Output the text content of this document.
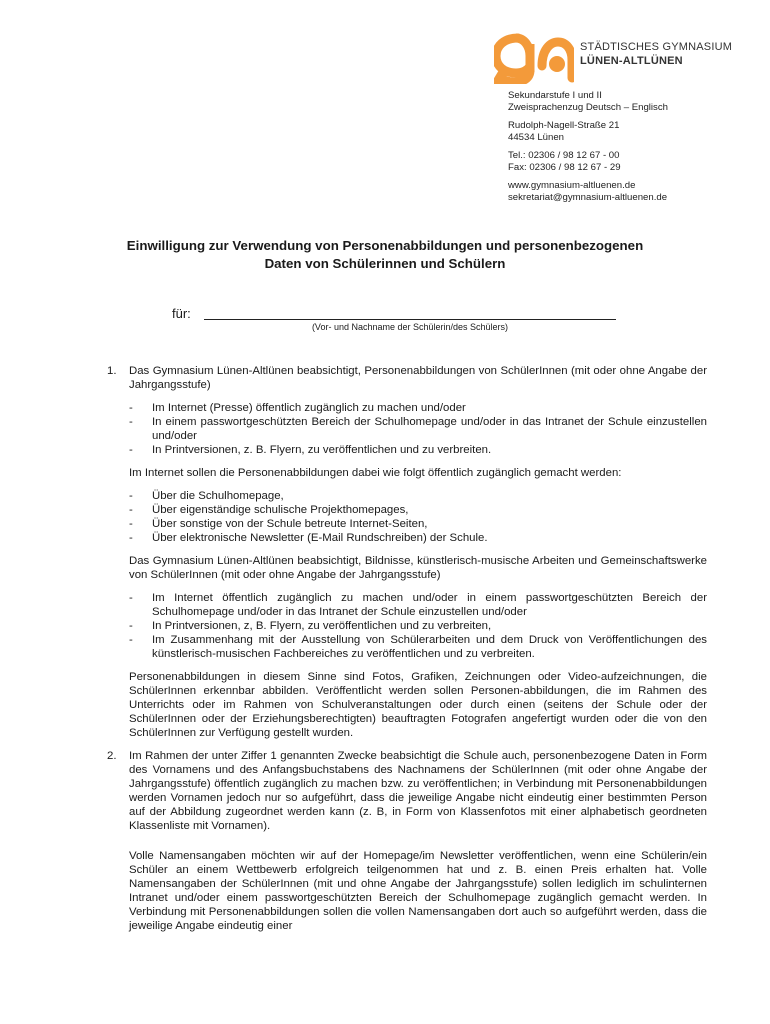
STÄDTISCHES GYMNASIUM
LÜNEN-ALTLÜNEN

Sekundarstufe I und II
Zweisprachenzug Deutsch – Englisch

Rudolph-Nagell-Straße 21
44534 Lünen

Tel.: 02306 / 98 12 67 - 00
Fax: 02306 / 98 12 67 - 29

www.gymnasium-altluenen.de
sekretariat@gymnasium-altluenen.de

Einwilligung zur Verwendung von Personenabbildungen und personenbezogenen
Daten von Schülerinnen und Schülern
für:
(Vor- und Nachname der Schülerin/des Schülers)
1.	Das Gymnasium Lünen-Altlünen beabsichtigt, Personenabbildungen von SchülerInnen (mit oder ohne Angabe der Jahrgangsstufe)

-	Im Internet (Presse) öffentlich zugänglich zu machen und/oder
-	In einem passwortgeschützten Bereich der Schulhomepage und/oder in das Intranet der Schule einzustellen und/oder
-	In Printversionen, z. B. Flyern, zu veröffentlichen und zu verbreiten.

Im Internet sollen die Personenabbildungen dabei wie folgt öffentlich zugänglich gemacht werden:

-	Über die Schulhomepage,
-	Über eigenständige schulische Projekthomepages,
-	Über sonstige von der Schule betreute Internet-Seiten,
-	Über elektronische Newsletter (E-Mail Rundschreiben) der Schule.

Das Gymnasium Lünen-Altlünen beabsichtigt, Bildnisse, künstlerisch-musische Arbeiten und Gemeinschaftswerke von SchülerInnen (mit oder ohne Angabe der Jahrgangsstufe)

-	Im Internet öffentlich zugänglich zu machen und/oder in einem passwortgeschützten Bereich der Schulhomepage und/oder in das Intranet der Schule einzustellen und/oder
-	In Printversionen, z, B. Flyern, zu veröffentlichen und zu verbreiten,
-	Im Zusammenhang mit der Ausstellung von Schülerarbeiten und dem Druck von Veröffentlichungen des künstlerisch-musischen Fachbereiches zu veröffentlichen und zu verbreiten.

Personenabbildungen in diesem Sinne sind Fotos, Grafiken, Zeichnungen oder Video-aufzeichnungen, die SchülerInnen erkennbar abbilden. Veröffentlicht werden sollen Personen-abbildungen, die im Rahmen des Unterrichts oder im Rahmen von Schulveranstaltungen oder durch einen (seitens der Schule oder der SchülerInnen oder der Erziehungsberechtigten) beauftragten Fotografen angefertigt wurden oder die von den SchülerInnen zur Verfügung gestellt wurden.

2.	Im Rahmen der unter Ziffer 1 genannten Zwecke beabsichtigt die Schule auch, personenbezogene Daten in Form des Vornamens und des Anfangsbuchstabens des Nachnamens der SchülerInnen (mit oder ohne Angabe der Jahrgangsstufe) öffentlich zugänglich zu machen bzw. zu veröffentlichen; in Verbindung mit Personenabbildungen werden Vornamen jedoch nur so aufgeführt, dass die jeweilige Angabe nicht eindeutig einer bestimmten Person auf der Abbildung zugeordnet werden kann (z. B, in Form von Klassenfotos mit einer alphabetisch geordneten Klassenliste mit Vornamen).

Volle Namensangaben möchten wir auf der Homepage/im Newsletter veröffentlichen, wenn eine Schülerin/ein Schüler an einem Wettbewerb erfolgreich teilgenommen hat und z. B. einen Preis erhalten hat. Volle Namensangaben der SchülerInnen (mit und ohne Angabe der Jahrgangsstufe) sollen lediglich im schulinternen Intranet und/oder einem passwortgeschützten Bereich der Schulhomepage zugänglich gemacht werden. In Verbindung mit Personenabbildungen sollen die vollen Namensangaben dort auch so aufgeführt werden, dass die jeweilige Angabe eindeutig einer
